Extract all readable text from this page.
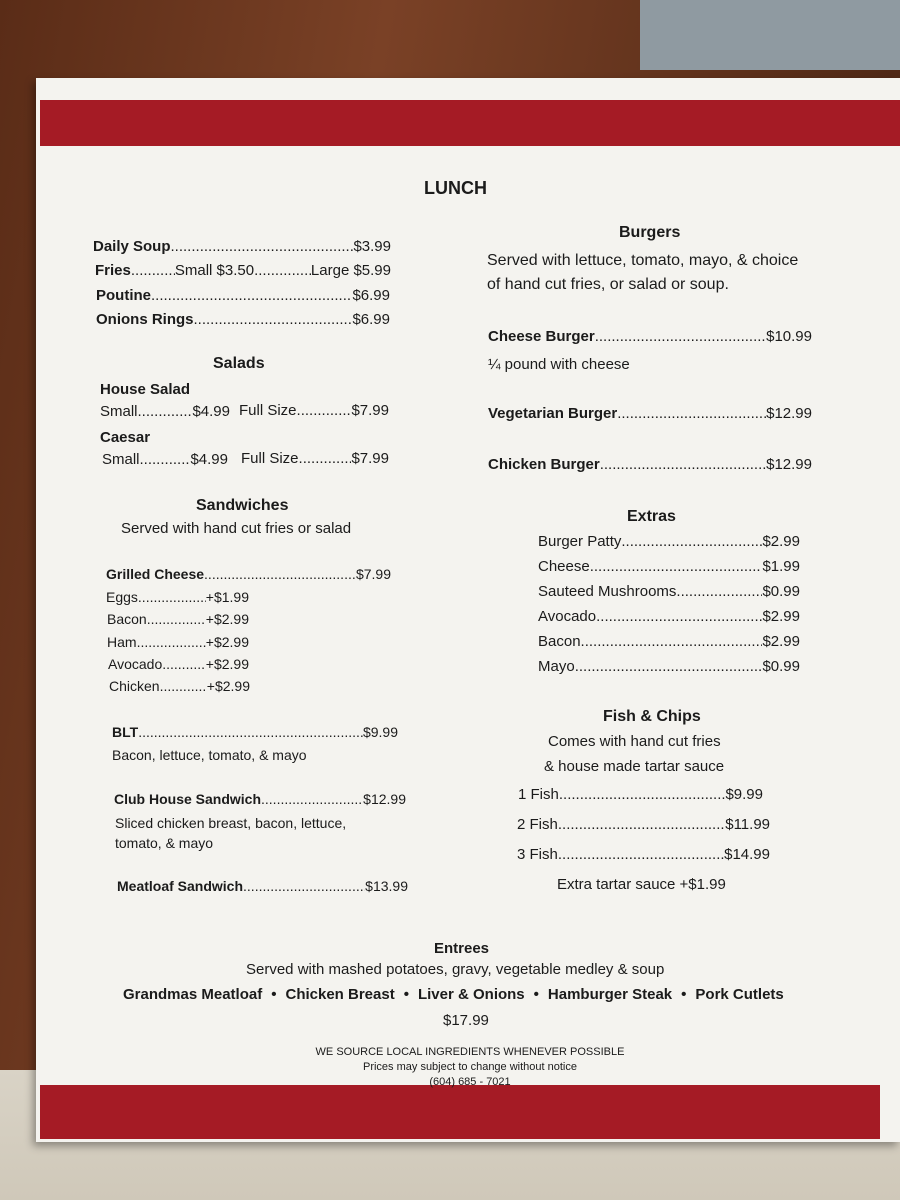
LUNCH
Daily Soup .....	$3.99
Fries .....	Small $3.50 .....	Large $5.99
Poutine .....	$6.99
Onions Rings .....	$6.99
Salads
House Salad
Small .....	$4.99 Full Size .....	$7.99
Caesar
Small .....	$4.99 Full Size .....	$7.99
Sandwiches
Served with hand cut fries or salad
Grilled Cheese .....	$7.99
Eggs .....	+$1.99
Bacon .....	+$2.99
Ham .....	+$2.99
Avocado .....	+$2.99
Chicken .....	+$2.99
BLT .....	$9.99
Bacon, lettuce, tomato, & mayo
Club House Sandwich .....	$12.99
Sliced chicken breast, bacon, lettuce,
tomato, & mayo
Meatloaf Sandwich .....	$13.99
Burgers
Served with lettuce, tomato, mayo, & choice
of hand cut fries, or salad or soup.
Cheese Burger .....	$10.99
¼ pound with cheese
Vegetarian Burger .....	$12.99
Chicken Burger .....	$12.99
Extras
Burger Patty .....	$2.99
Cheese .....	$1.99
Sauteed Mushrooms .....	$0.99
Avocado .....	$2.99
Bacon .....	$2.99
Mayo .....	$0.99
Fish & Chips
Comes with hand cut fries
& house made tartar sauce
1 Fish .....	$9.99
2 Fish .....	$11.99
3 Fish .....	$14.99
Extra tartar sauce +$1.99
Entrees
Served with mashed potatoes, gravy, vegetable medley & soup
Grandmas Meatloaf • Chicken Breast • Liver & Onions • Hamburger Steak • Pork Cutlets
$17.99
WE SOURCE LOCAL INGREDIENTS WHENEVER POSSIBLE
Prices may subject to change without notice
(604) 685 - 7021
